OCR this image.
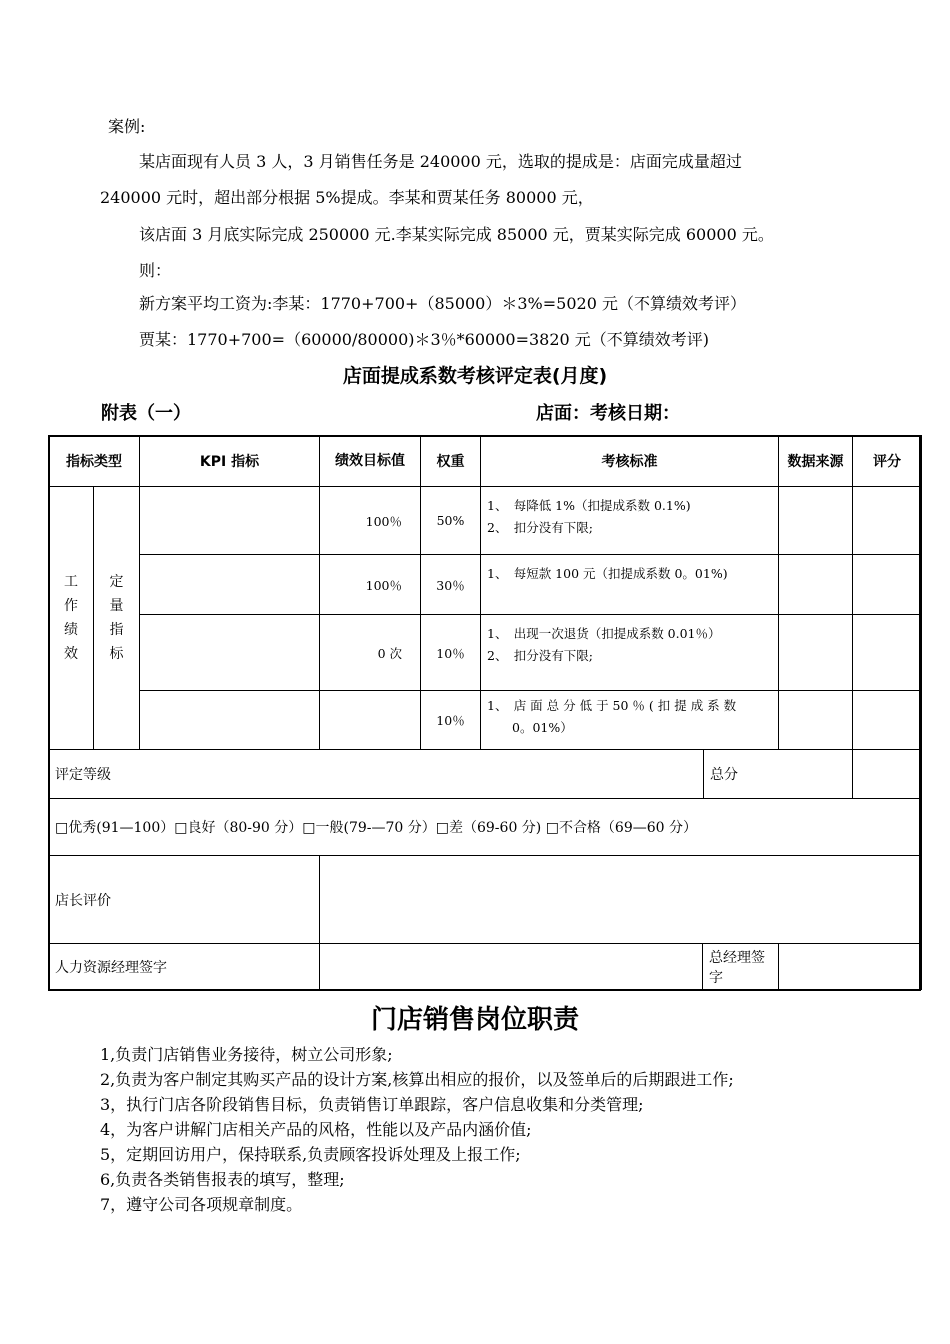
案例:
某店面现有人员 3 人，3 月销售任务是 240000 元，选取的提成是：店面完成量超过
240000 元时，超出部分根据 5%提成。李某和贾某任务 80000 元，
该店面 3 月底实际完成 250000 元.李某实际完成 85000 元，贾某实际完成 60000 元。
则：
新方案平均工资为:李某：1770+700+（85000）＊3%=5020 元（不算绩效考评）
贾某：1770+700=（60000/80000)＊3％*60000=3820 元（不算绩效考评)
店面提成系数考核评定表(月度)
附表（一）	店面：考核日期：
指标类型		KPI 指标	绩效目标值	权重	考核标准		数据来源	评分

工作绩效	定量指标		100％	50%	1、　每降低 1%（扣提成系数 0.1%)
2、　扣分没有下限;			

			100％	30％	1、　每短款 100 元（扣提成系数 0。01%)			

			0 次	10％	1、　出现一次退货（扣提成系数 0.01％）
2、　扣分没有下限;			

				10％	1、　店 面 总 分 低 于 50 ％ ( 扣 提 成 系 数
　　0。01%）			

评定等级						总分		
□优秀(91—100）□良好（80-90 分）□一般(79-—70 分）□差（69-60 分) □不合格（69—60 分）								
店长评价								
人力资源经理签字						总经理签字		
门店销售岗位职责
1,负责门店销售业务接待，树立公司形象;
2,负责为客户制定其购买产品的设计方案,核算出相应的报价，以及签单后的后期跟进工作;
3，执行门店各阶段销售目标，负责销售订单跟踪，客户信息收集和分类管理;
4，为客户讲解门店相关产品的风格，性能以及产品内涵价值;
5，定期回访用户，保持联系,负责顾客投诉处理及上报工作;
6,负责各类销售报表的填写，整理;
7，遵守公司各项规章制度。
